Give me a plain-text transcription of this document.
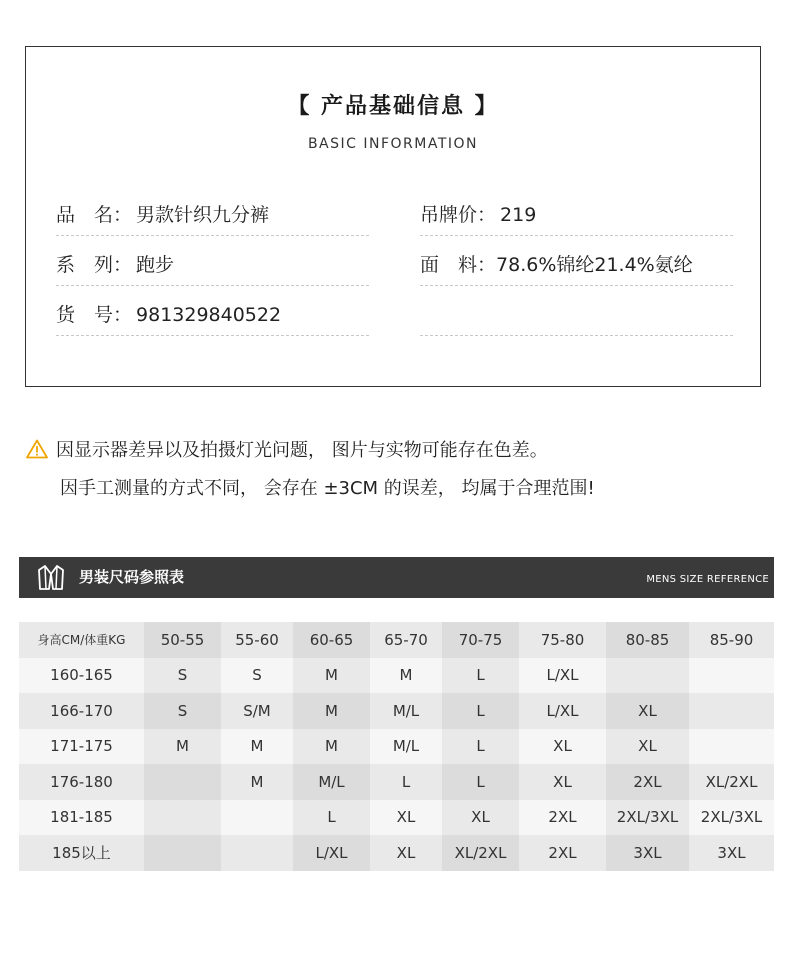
【 产品基础信息 】
BASIC INFORMATION
品　名： 男款针织九分裤	吊牌价： 219
系　列： 跑步	面　料：78.6%锦纶21.4%氨纶
货　号： 981329840522
因显示器差异以及拍摄灯光问题， 图片与实物可能存在色差。
因手工测量的方式不同， 会存在 ±3CM 的误差， 均属于合理范围!
男装尺码参照表	MENS SIZE REFERENCE
身高CM/体重KG	50-55	55-60	60-65	65-70	70-75	75-80	80-85	85-90
160-165	S	S	M	M	L	L/XL		
166-170	S	S/M	M	M/L	L	L/XL	XL	
171-175	M	M	M	M/L	L	XL	XL	
176-180		M	M/L	L	L	XL	2XL	XL/2XL
181-185			L	XL	XL	2XL	2XL/3XL	2XL/3XL
185以上			L/XL	XL	XL/2XL	2XL	3XL	3XL
